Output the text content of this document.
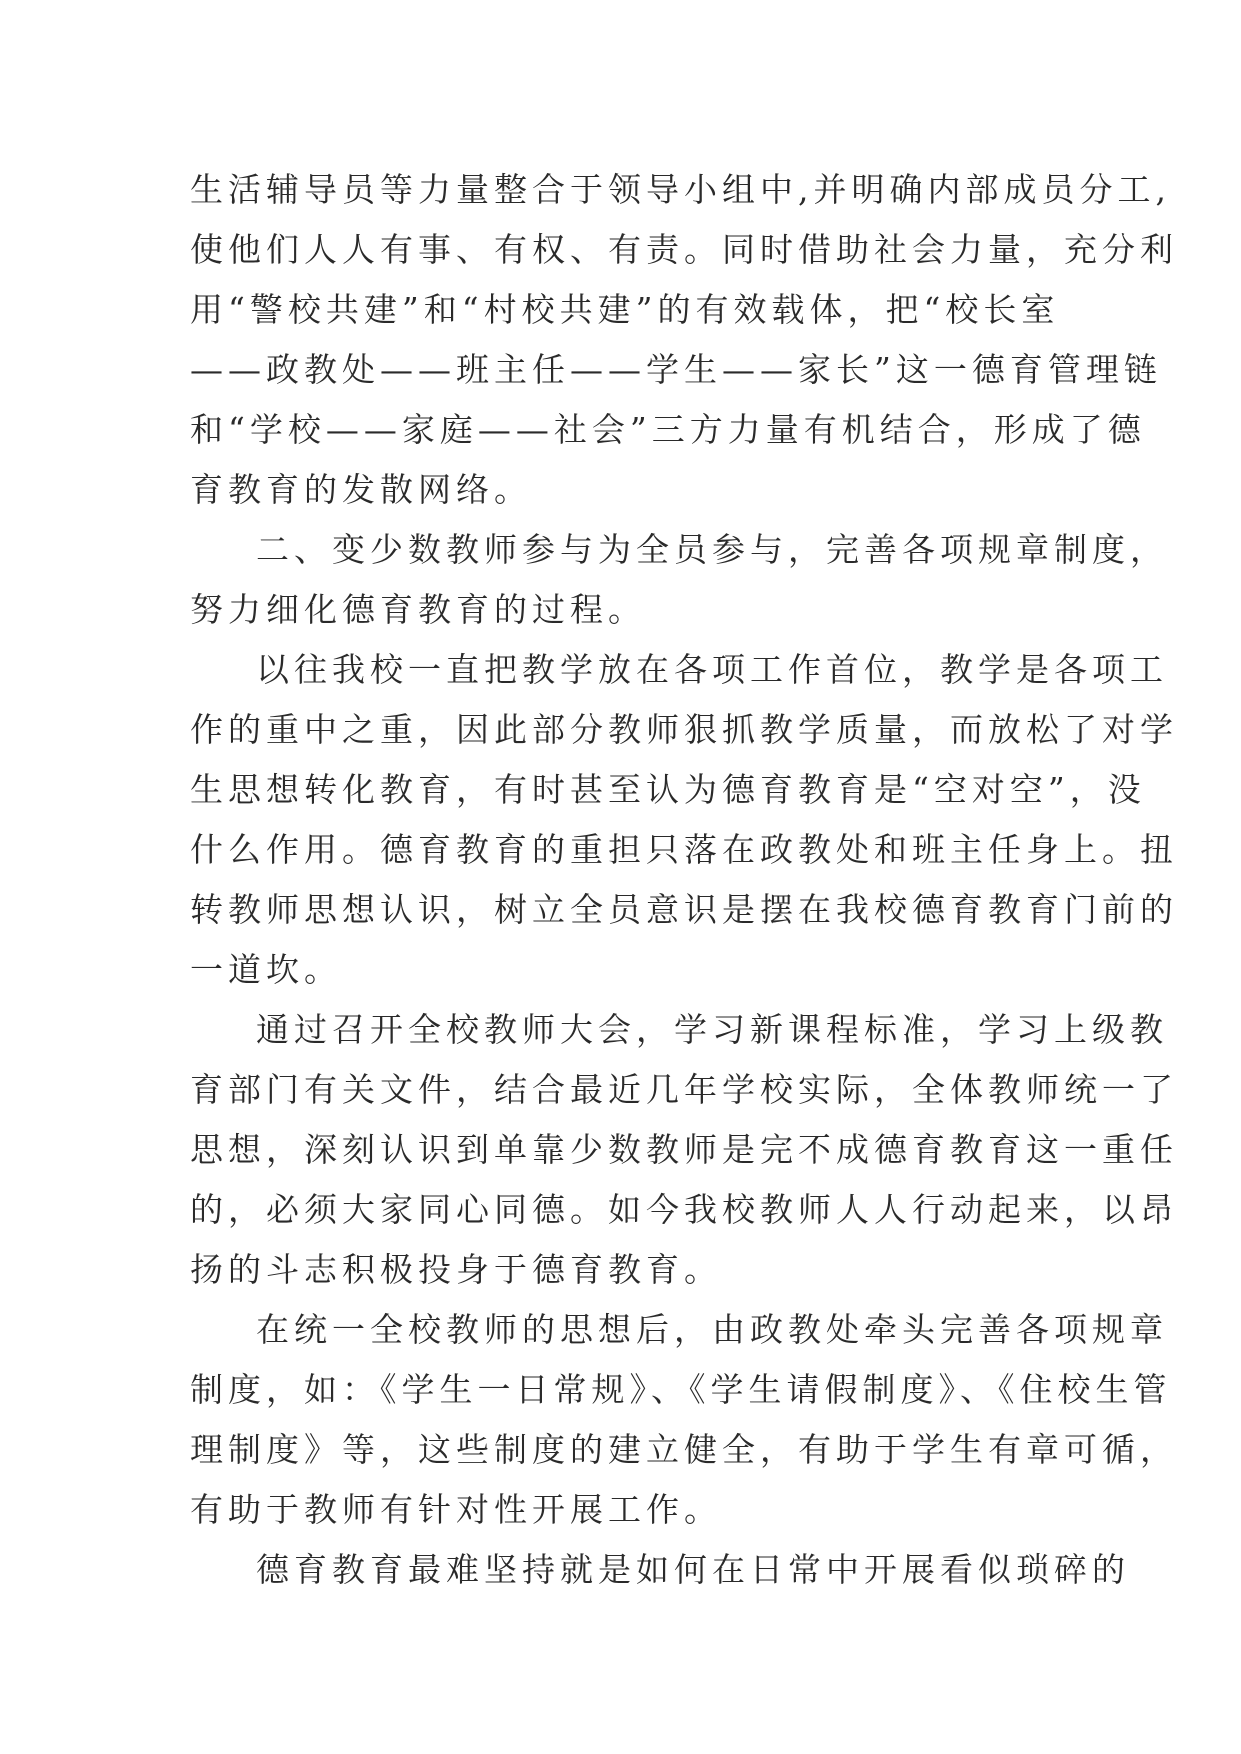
生活辅导员等力量整合于领导小组中,并明确内部成员分工,
使他们人人有事、有权、有责。同时借助社会力量，充分利
用“警校共建”和“村校共建”的有效载体，把“校长室
——政教处——班主任——学生——家长”这一德育管理链
和“学校——家庭——社会”三方力量有机结合，形成了德
育教育的发散网络。
二、变少数教师参与为全员参与，完善各项规章制度，
努力细化德育教育的过程。
以往我校一直把教学放在各项工作首位，教学是各项工
作的重中之重，因此部分教师狠抓教学质量，而放松了对学
生思想转化教育，有时甚至认为德育教育是“空对空”，没
什么作用。德育教育的重担只落在政教处和班主任身上。扭
转教师思想认识，树立全员意识是摆在我校德育教育门前的
一道坎。
通过召开全校教师大会，学习新课程标准，学习上级教
育部门有关文件，结合最近几年学校实际，全体教师统一了
思想，深刻认识到单靠少数教师是完不成德育教育这一重任
的，必须大家同心同德。如今我校教师人人行动起来，以昂
扬的斗志积极投身于德育教育。
在统一全校教师的思想后，由政教处牵头完善各项规章
制度，如：《学生一日常规》、《学生请假制度》、《住校生管
理制度》等，这些制度的建立健全，有助于学生有章可循，
有助于教师有针对性开展工作。
德育教育最难坚持就是如何在日常中开展看似琐碎的
